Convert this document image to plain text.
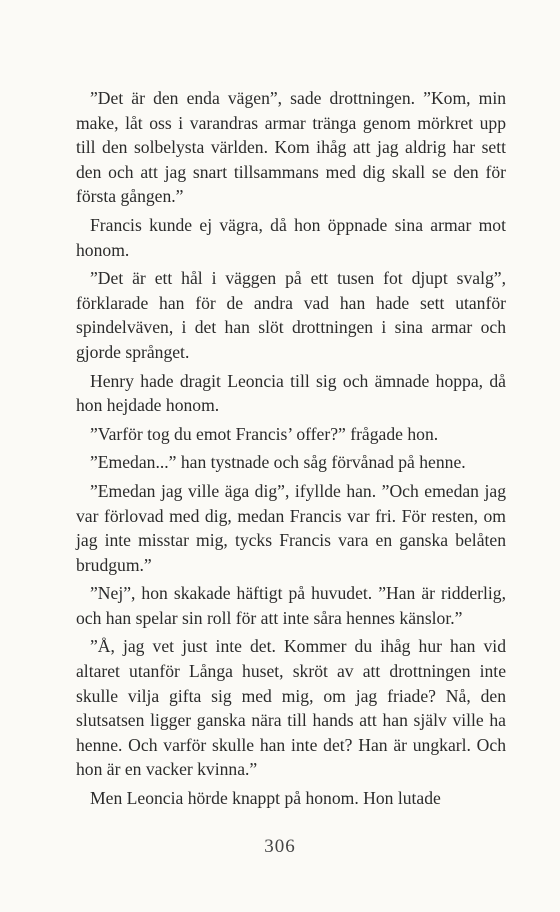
”Det är den enda vägen”, sade drottningen. ”Kom, min make, låt oss i varandras armar tränga genom mörkret upp till den solbelysta världen. Kom ihåg att jag aldrig har sett den och att jag snart tillsammans med dig skall se den för första gången.”

Francis kunde ej vägra, då hon öppnade sina armar mot honom.

”Det är ett hål i väggen på ett tusen fot djupt svalg”, förklarade han för de andra vad han hade sett utanför spindelväven, i det han slöt drottningen i sina armar och gjorde språnget.

Henry hade dragit Leoncia till sig och ämnade hoppa, då hon hejdade honom.

”Varför tog du emot Francis’ offer?” frågade hon.

”Emedan...” han tystnade och såg förvånad på henne.

”Emedan jag ville äga dig”, ifyllde han. ”Och emedan jag var förlovad med dig, medan Francis var fri. För resten, om jag inte misstar mig, tycks Francis vara en ganska belåten brudgum.”

”Nej”, hon skakade häftigt på huvudet. ”Han är ridderlig, och han spelar sin roll för att inte såra hennes känslor.”

”Å, jag vet just inte det. Kommer du ihåg hur han vid altaret utanför Långa huset, skröt av att drottningen inte skulle vilja gifta sig med mig, om jag friade? Nå, den slutsatsen ligger ganska nära till hands att han själv ville ha henne. Och varför skulle han inte det? Han är ungkarl. Och hon är en vacker kvinna.”

Men Leoncia hörde knappt på honom. Hon lutade

306
